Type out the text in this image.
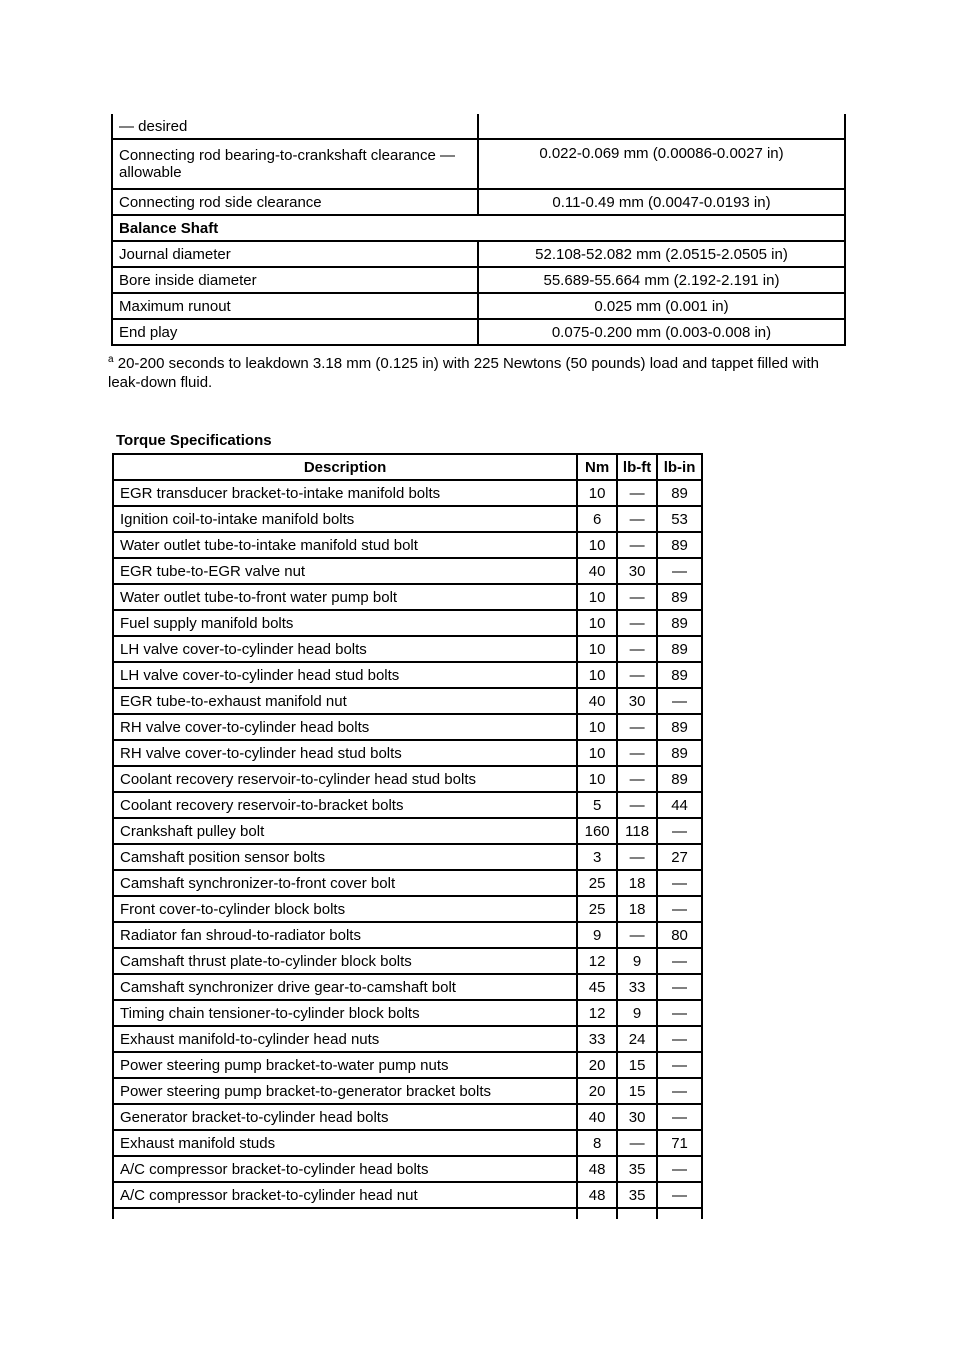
— desired	
Connecting rod bearing-to-crankshaft clearance — allowable	0.022-0.069 mm (0.00086-0.0027 in)
Connecting rod side clearance	0.11-0.49 mm (0.0047-0.0193 in)
Balance Shaft	
Journal diameter	52.108-52.082 mm (2.0515-2.0505 in)
Bore inside diameter	55.689-55.664 mm (2.192-2.191 in)
Maximum runout	0.025 mm (0.001 in)
End play	0.075-0.200 mm (0.003-0.008 in)
$^a$ 20-200 seconds to leakdown 3.18 mm (0.125 in) with 225 Newtons (50 pounds) load and tappet filled with leak-down fluid.
Torque Specifications
Description	Nm	lb-ft	lb-in
EGR transducer bracket-to-intake manifold bolts	10	—	89
Ignition coil-to-intake manifold bolts	6	—	53
Water outlet tube-to-intake manifold stud bolt	10	—	89
EGR tube-to-EGR valve nut	40	30	—
Water outlet tube-to-front water pump bolt	10	—	89
Fuel supply manifold bolts	10	—	89
LH valve cover-to-cylinder head bolts	10	—	89
LH valve cover-to-cylinder head stud bolts	10	—	89
EGR tube-to-exhaust manifold nut	40	30	—
RH valve cover-to-cylinder head bolts	10	—	89
RH valve cover-to-cylinder head stud bolts	10	—	89
Coolant recovery reservoir-to-cylinder head stud bolts	10	—	89
Coolant recovery reservoir-to-bracket bolts	5	—	44
Crankshaft pulley bolt	160	118	—
Camshaft position sensor bolts	3	—	27
Camshaft synchronizer-to-front cover bolt	25	18	—
Front cover-to-cylinder block bolts	25	18	—
Radiator fan shroud-to-radiator bolts	9	—	80
Camshaft thrust plate-to-cylinder block bolts	12	9	—
Camshaft synchronizer drive gear-to-camshaft bolt	45	33	—
Timing chain tensioner-to-cylinder block bolts	12	9	—
Exhaust manifold-to-cylinder head nuts	33	24	—
Power steering pump bracket-to-water pump nuts	20	15	—
Power steering pump bracket-to-generator bracket bolts	20	15	—
Generator bracket-to-cylinder head bolts	40	30	—
Exhaust manifold studs	8	—	71
A/C compressor bracket-to-cylinder head bolts	48	35	—
A/C compressor bracket-to-cylinder head nut	48	35	—
